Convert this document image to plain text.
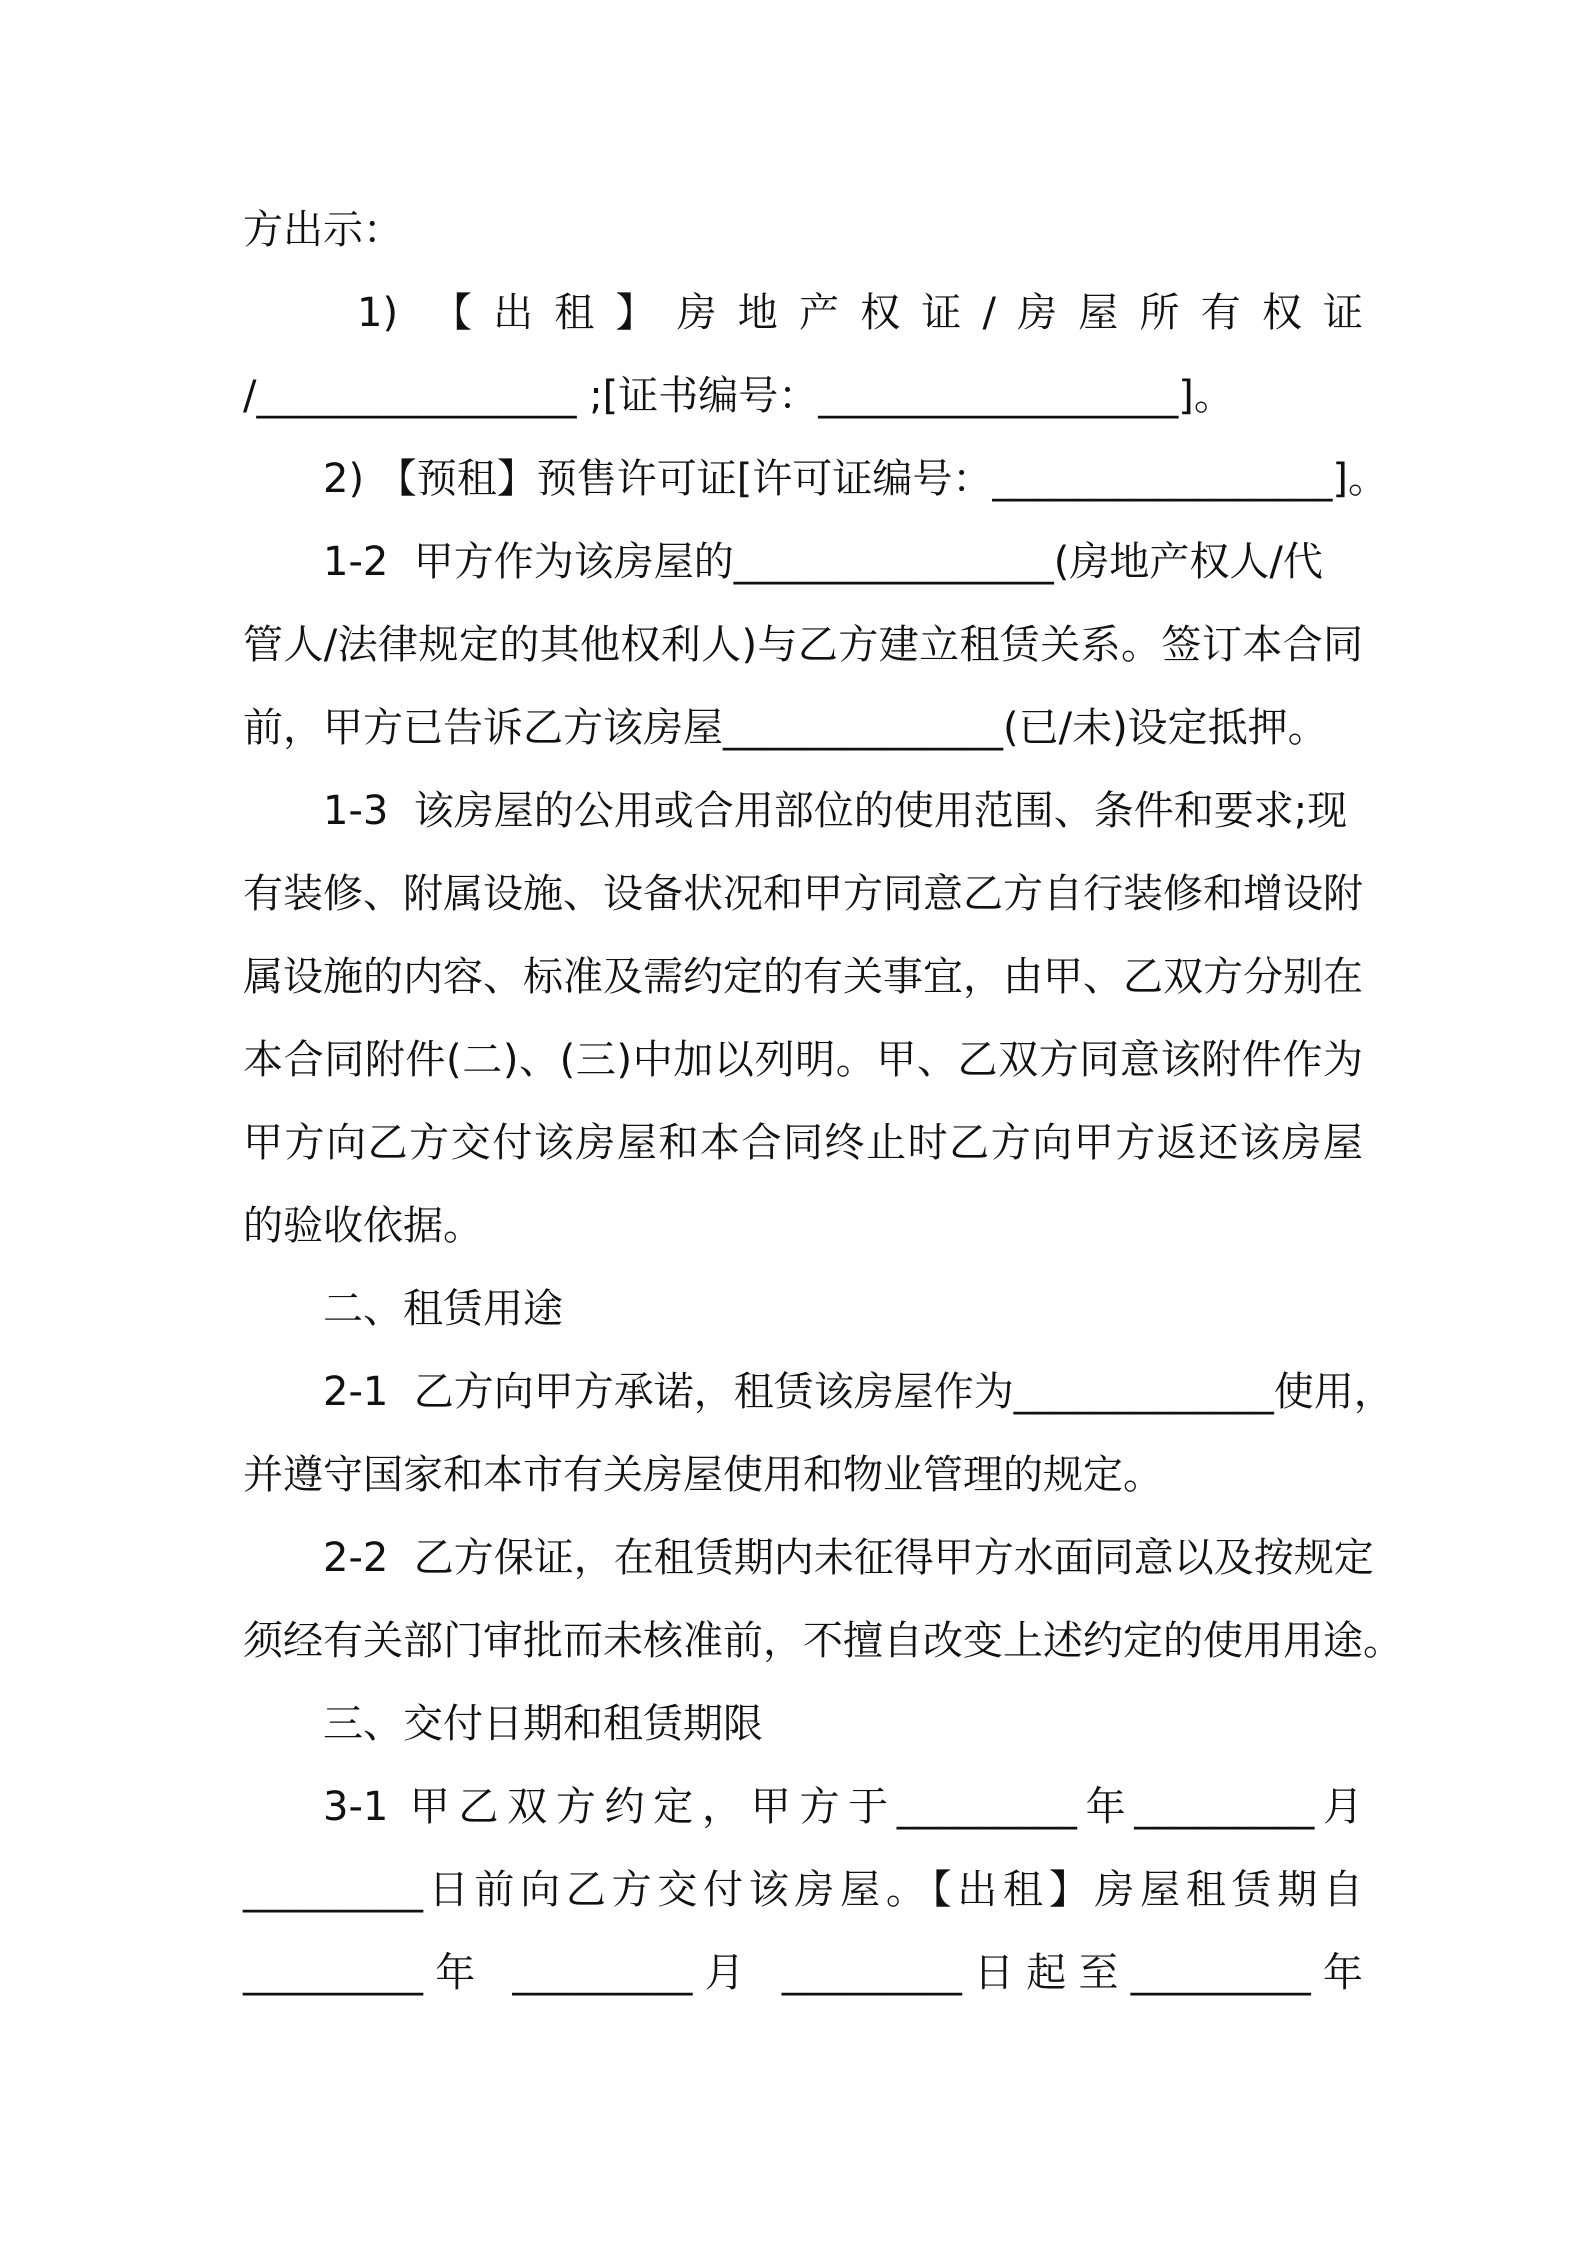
方出示：
1) 【出租】房地产权证/房屋所有权证
/________________ ;[证书编号：__________________]。
2) 【预租】预售许可证[许可证编号：_________________]。
1-2  甲方作为该房屋的________________(房地产权人/代
管人/法律规定的其他权利人)与乙方建立租赁关系。签订本合同
前，甲方已告诉乙方该房屋______________(已/未)设定抵押。
1-3  该房屋的公用或合用部位的使用范围、条件和要求;现
有装修、附属设施、设备状况和甲方同意乙方自行装修和增设附
属设施的内容、标准及需约定的有关事宜，由甲、乙双方分别在
本合同附件(二)、(三)中加以列明。甲、乙双方同意该附件作为
甲方向乙方交付该房屋和本合同终止时乙方向甲方返还该房屋
的验收依据。
二、租赁用途
2-1  乙方向甲方承诺，租赁该房屋作为_____________使用，
并遵守国家和本市有关房屋使用和物业管理的规定。
2-2  乙方保证，在租赁期内未征得甲方水面同意以及按规定
须经有关部门审批而未核准前，不擅自改变上述约定的使用用途。
三、交付日期和租赁期限
3-1 甲乙双方约定，甲方于_________年_________月
_________日前向乙方交付该房屋。【出租】房屋租赁期自
_________年 _________月 _________日起至_________年
